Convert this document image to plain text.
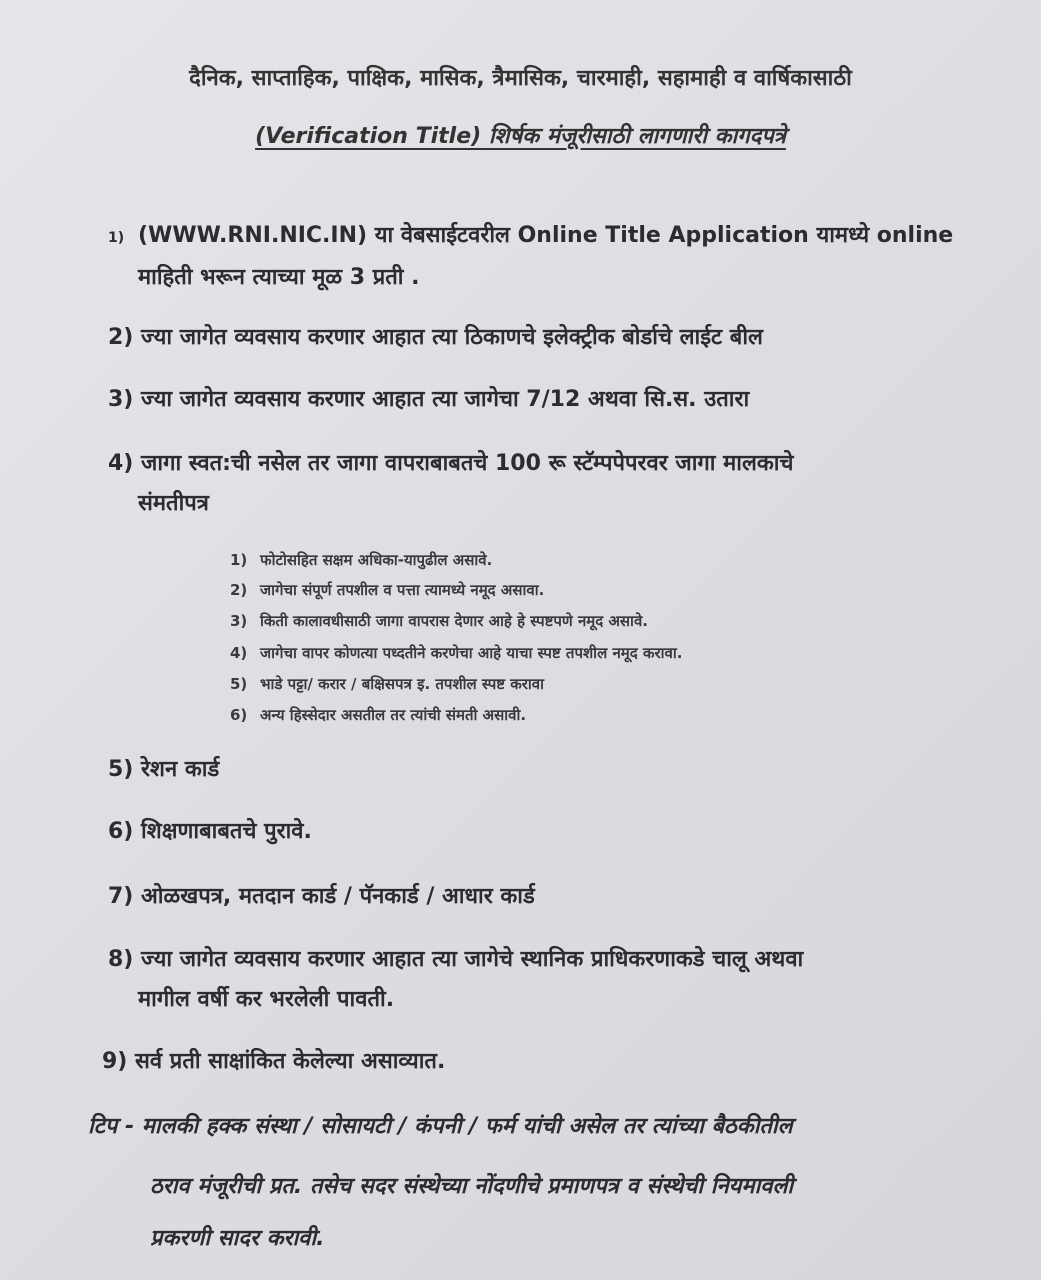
दैनिक, साप्ताहिक, पाक्षिक, मासिक, त्रैमासिक, चारमाही, सहामाही व वार्षिकासाठी
(Verification Title) शिर्षक मंजूरीसाठी लागणारी कागदपत्रे
1) (WWW.RNI.NIC.IN) या वेबसाईटवरील Online Title Application यामध्ये online
माहिती भरून त्याच्या मूळ 3 प्रती .
2) ज्या जागेत व्यवसाय करणार आहात त्या ठिकाणचे इलेक्ट्रीक बोर्डाचे लाईट बील
3) ज्या जागेत व्यवसाय करणार आहात त्या जागेचा 7/12 अथवा सि.स. उतारा
4) जागा स्वत:ची नसेल तर जागा वापराबाबतचे 100 रू स्टॅम्पपेपरवर जागा मालकाचे
संमतीपत्र
1) फोटोसहित सक्षम अधिका-यापुढील असावे.
2) जागेचा संपूर्ण तपशील व पत्ता त्यामध्ये नमूद असावा.
3) किती कालावधीसाठी जागा वापरास देणार आहे हे स्पष्टपणे नमूद असावे.
4) जागेचा वापर कोणत्या पध्दतीने करणेचा आहे याचा स्पष्ट तपशील नमूद करावा.
5) भाडे पट्टा/ करार / बक्षिसपत्र इ. तपशील स्पष्ट करावा
6) अन्य हिस्सेदार असतील तर त्यांची संमती असावी.
5) रेशन कार्ड
6) शिक्षणाबाबतचे पुरावे.
7) ओळखपत्र, मतदान कार्ड / पॅनकार्ड / आधार कार्ड
8) ज्या जागेत व्यवसाय करणार आहात त्या जागेचे स्थानिक प्राधिकरणाकडे चालू अथवा
मागील वर्षी कर भरलेली पावती.
9) सर्व प्रती साक्षांकित केलेल्या असाव्यात.
टिप - मालकी हक्क संस्था / सोसायटी / कंपनी / फर्म यांची असेल तर त्यांच्या बैठकीतील
ठराव मंजूरीची प्रत. तसेच सदर संस्थेच्या नोंदणीचे प्रमाणपत्र व संस्थेची नियमावली
प्रकरणी सादर करावी.
